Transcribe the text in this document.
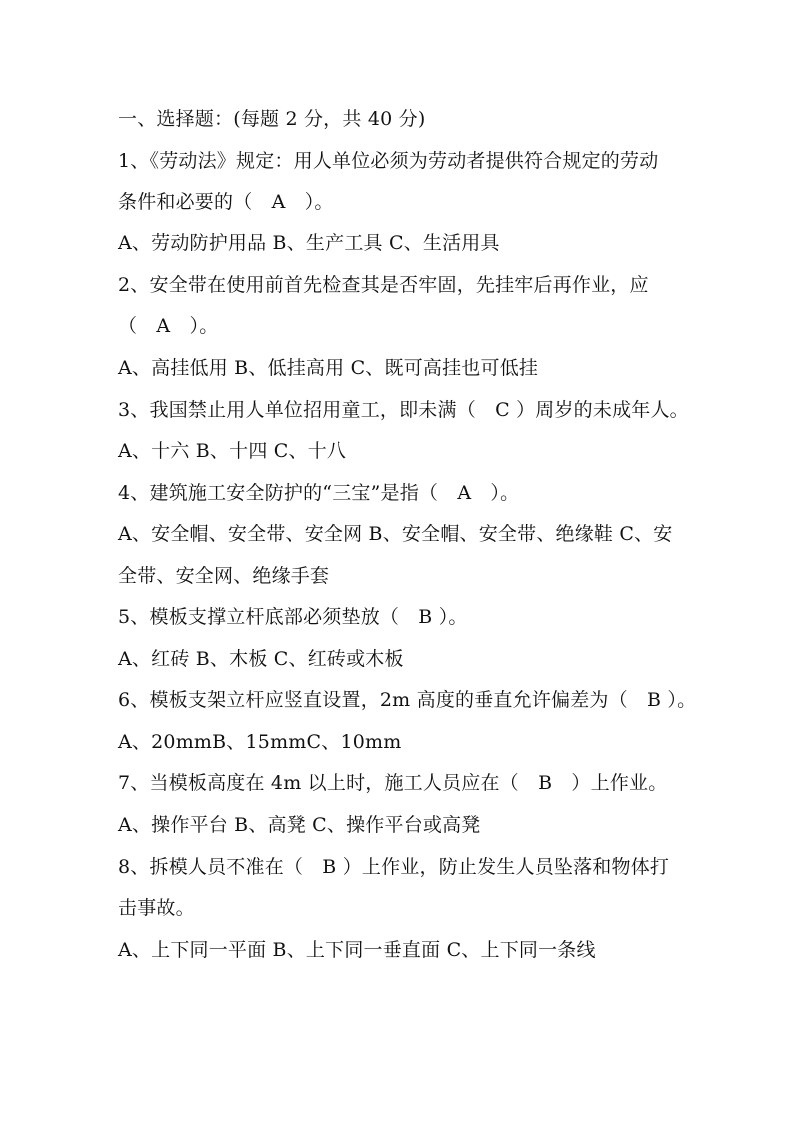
一、选择题：(每题 2 分，共 40 分)
1、《劳动法》规定：用人单位必须为劳动者提供符合规定的劳动
条件和必要的（　A　）。
A、劳动防护用品 B、生产工具 C、生活用具
2、安全带在使用前首先检查其是否牢固，先挂牢后再作业，应
（　A　）。
A、高挂低用 B、低挂高用 C、既可高挂也可低挂
3、我国禁止用人单位招用童工，即未满（　C ）周岁的未成年人。
A、十六 B、十四 C、十八
4、建筑施工安全防护的“三宝”是指（　A　）。
A、安全帽、安全带、安全网 B、安全帽、安全带、绝缘鞋 C、安
全带、安全网、绝缘手套
5、模板支撑立杆底部必须垫放（　B ）。
A、红砖 B、木板 C、红砖或木板
6、模板支架立杆应竖直设置，2m 高度的垂直允许偏差为（　B ）。
A、20mmB、15mmC、10mm
7、当模板高度在 4m 以上时，施工人员应在（　B　）上作业。
A、操作平台 B、高凳 C、操作平台或高凳
8、拆模人员不准在（　B ）上作业，防止发生人员坠落和物体打
击事故。
A、上下同一平面 B、上下同一垂直面 C、上下同一条线
